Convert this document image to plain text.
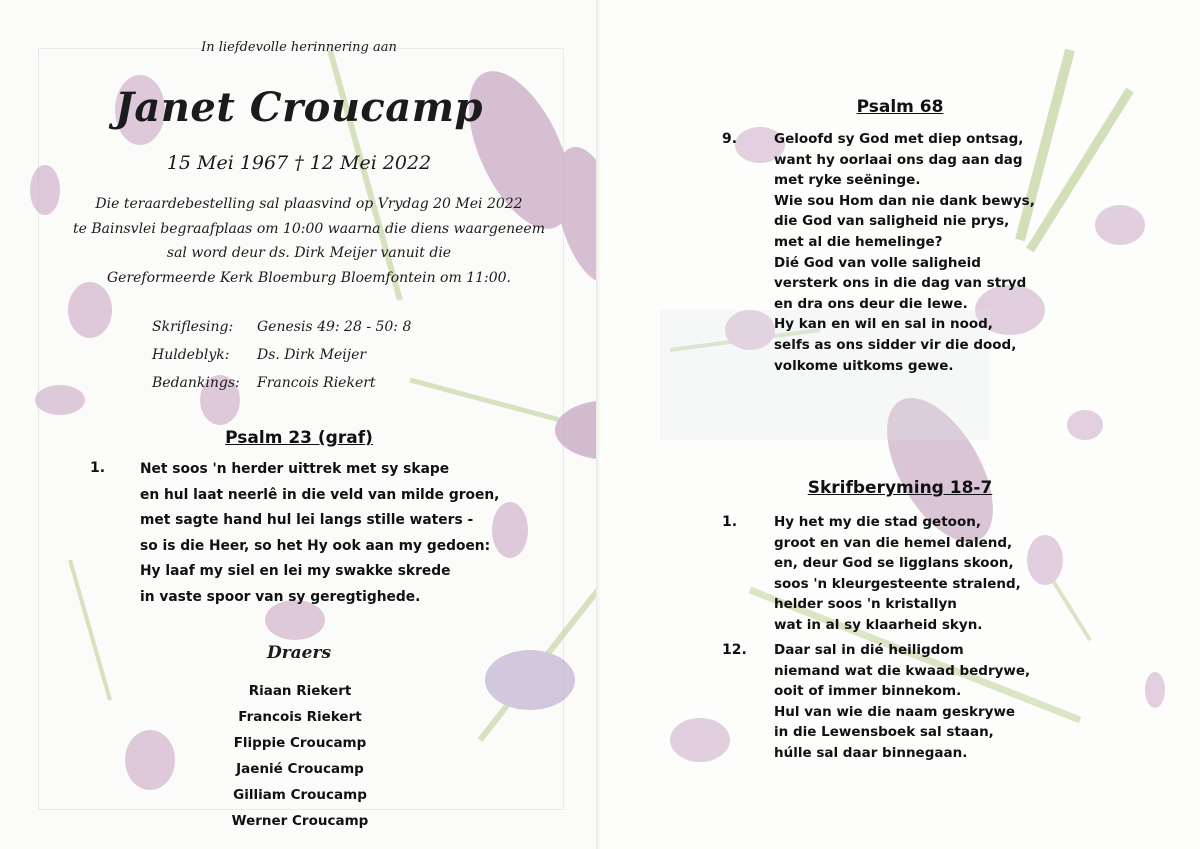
In liefdevolle herinnering aan
Janet Croucamp
15 Mei 1967 † 12 Mei 2022
Die teraardebestelling sal plaasvind op Vrydag 20 Mei 2022
te Bainsvlei begraafplaas om 10:00 waarna die diens waargeneem
sal word deur ds. Dirk Meijer vanuit die
Gereformeerde Kerk Bloemburg Bloemfontein om 11:00.
Skriflesing:	Genesis 49: 28 - 50: 8
Huldeblyk:	Ds. Dirk Meijer
Bedankings:	Francois Riekert
Psalm 23 (graf)
1.	Net soos 'n herder uittrek met sy skape
en hul laat neerlê in die veld van milde groen,
met sagte hand hul lei langs stille waters -
so is die Heer, so het Hy ook aan my gedoen:
Hy laaf my siel en lei my swakke skrede
in vaste spoor van sy geregtighede.
Draers
Riaan Riekert
Francois Riekert
Flippie Croucamp
Jaenié Croucamp
Gilliam Croucamp
Werner Croucamp
Psalm 68
9.	Geloofd sy God met diep ontsag,
want hy oorlaai ons dag aan dag
met ryke seëninge.
Wie sou Hom dan nie dank bewys,
die God van saligheid nie prys,
met al die hemelinge?
Dié God van volle saligheid
versterk ons in die dag van stryd
en dra ons deur die lewe.
Hy kan en wil en sal in nood,
selfs as ons sidder vir die dood,
volkome uitkoms gewe.
Skrifberyming 18-7
1.	Hy het my die stad getoon,
groot en van die hemel dalend,
en, deur God se ligglans skoon,
soos 'n kleurgesteente stralend,
helder soos 'n kristallyn
wat in al sy klaarheid skyn.
12. Daar sal in dié heiligdom
niemand wat die kwaad bedrywe,
ooit of immer binnekom.
Hul van wie die naam geskrywe
in die Lewensboek sal staan,
húlle sal daar binnegaan.
